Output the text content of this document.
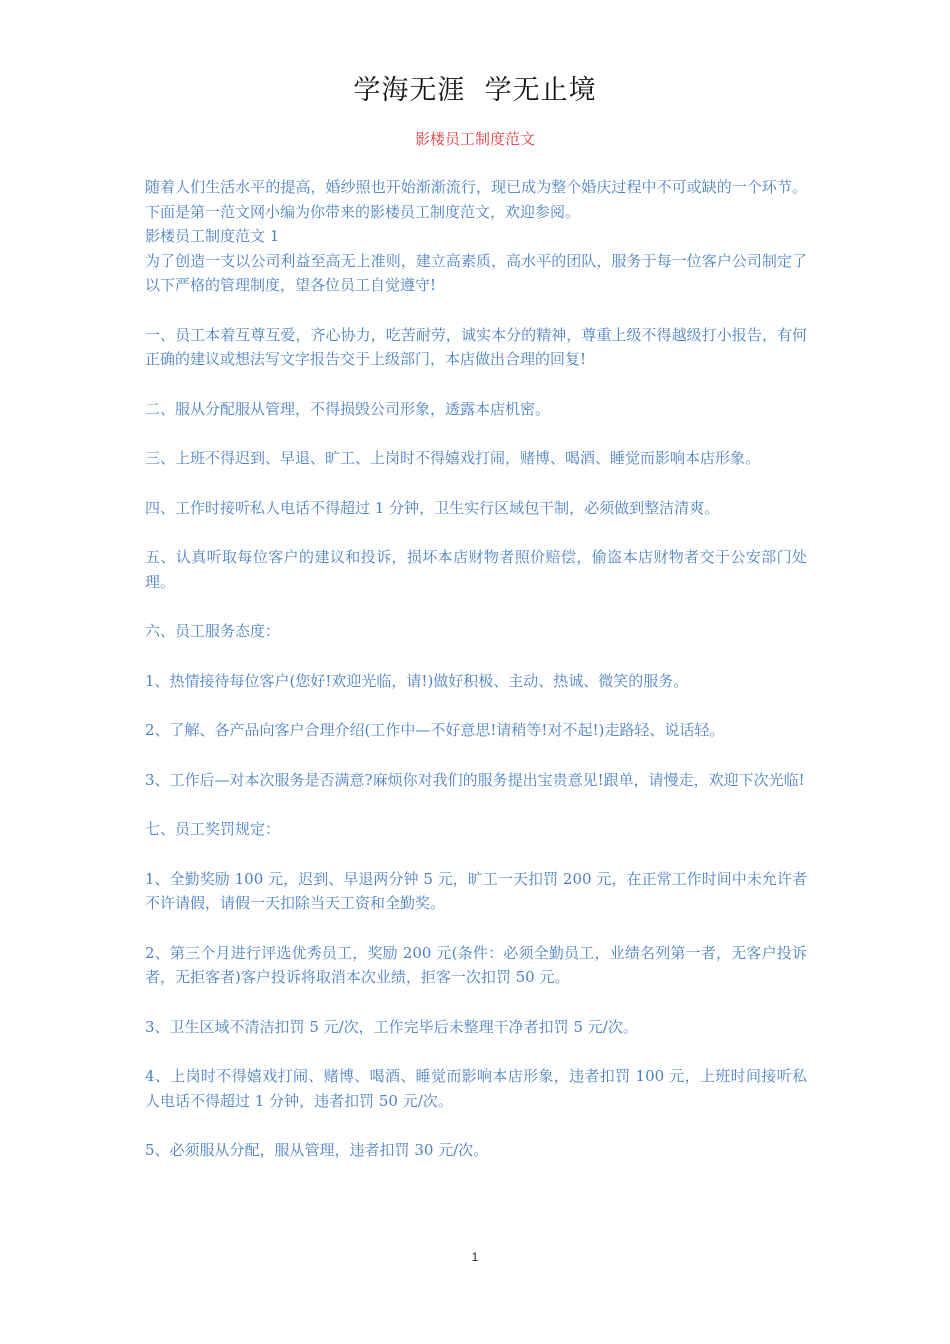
学海无涯  学无止境
影楼员工制度范文

随着人们生活水平的提高，婚纱照也开始渐渐流行，现已成为整个婚庆过程中不可或缺的一个环节。下面是第一范文网小编为你带来的影楼员工制度范文，欢迎参阅。

影楼员工制度范文 1

为了创造一支以公司利益至高无上准则，建立高素质，高水平的团队，服务于每一位客户公司制定了以下严格的管理制度，望各位员工自觉遵守!

一、员工本着互尊互爱，齐心协力，吃苦耐劳，诚实本分的精神，尊重上级不得越级打小报告，有何正确的建议或想法写文字报告交于上级部门，本店做出合理的回复!

二、服从分配服从管理，不得损毁公司形象，透露本店机密。

三、上班不得迟到、早退、旷工、上岗时不得嬉戏打闹，赌博、喝酒、睡觉而影响本店形象。

四、工作时接听私人电话不得超过 1 分钟，卫生实行区域包干制，必须做到整洁清爽。

五、认真听取每位客户的建议和投诉，损坏本店财物者照价赔偿，偷盗本店财物者交于公安部门处理。

六、员工服务态度：

1、热情接待每位客户(您好!欢迎光临，请!)做好积极、主动、热诚、微笑的服务。

2、了解、各产品向客户合理介绍(工作中—不好意思!请稍等!对不起!)走路轻、说话轻。

3、工作后—对本次服务是否满意?麻烦你对我们的服务提出宝贵意见!跟单，请慢走，欢迎下次光临!

七、员工奖罚规定：

1、全勤奖励 100 元，迟到、早退两分钟 5 元，旷工一天扣罚 200 元，在正常工作时间中未允许者不许请假，请假一天扣除当天工资和全勤奖。

2、第三个月进行评选优秀员工，奖励 200 元(条件：必须全勤员工，业绩名列第一者，无客户投诉者，无拒客者)客户投诉将取消本次业绩，拒客一次扣罚 50 元。

3、卫生区域不清洁扣罚 5 元/次，工作完毕后未整理干净者扣罚 5 元/次。

4、上岗时不得嬉戏打闹、赌博、喝酒、睡觉而影响本店形象，违者扣罚 100 元，上班时间接听私人电话不得超过 1 分钟，违者扣罚 50 元/次。

5、必须服从分配，服从管理，违者扣罚 30 元/次。

1
